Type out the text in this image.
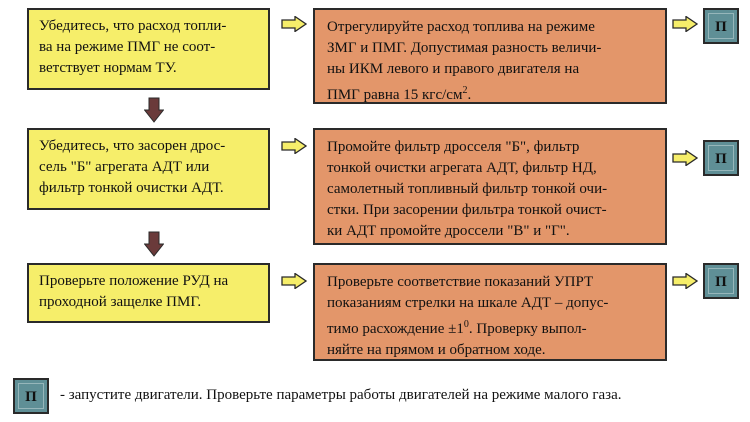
Убедитесь, что расход топли-
ва на режиме ПМГ не соот-
ветствует нормам ТУ.
Отрегулируйте расход топлива на режиме
ЗМГ и ПМГ. Допустимая разность величи-
ны ИКМ левого и правого двигателя на
ПМГ равна 15 кгс/$см^2$.
П
Убедитесь, что засорен дрос-
сель "Б" агрегата АДТ или
фильтр тонкой очистки АДТ.
Промойте фильтр дросселя "Б", фильтр
тонкой очистки агрегата АДТ, фильтр НД,
самолетный топливный фильтр тонкой очи-
стки. При засорении фильтра тонкой очист-
ки АДТ промойте дроссели "В" и "Г".
П
Проверьте положение РУД на
проходной защелке ПМГ.
Проверьте соответствие показаний УПРТ
показаниям стрелки на шкале АДТ – допус-
тимо расхождение $\pm 1^0$. Проверку выпол-
няйте на прямом и обратном ходе.
П
П - запустите двигатели. Проверьте параметры работы двигателей на режиме малого газа.
